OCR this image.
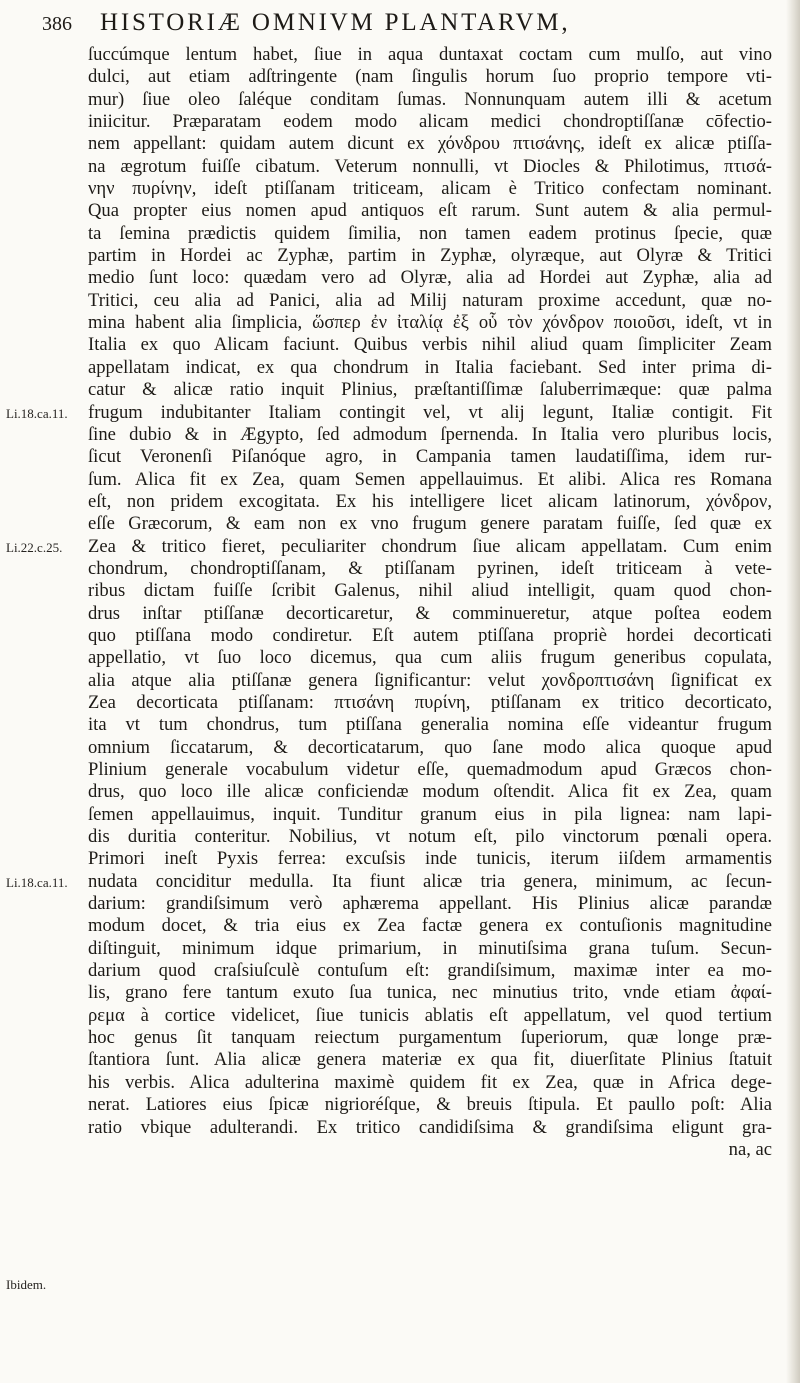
386 HISTORIÆ OMNIVM PLANTARVM,
Li.18.ca.11.
Li.22.c.25.
Li.18.ca.11.
Ibidem.
ſuccúmque lentum habet, ſiue in aqua duntaxat coctam cum mulſo, aut vino
dulci, aut etiam adſtringente (nam ſingulis horum ſuo proprio tempore vti-
mur) ſiue oleo ſaléque conditam ſumas. Nonnunquam autem illi & acetum
iniicitur. Præparatam eodem modo alicam medici chondroptiſſanæ cōfectio-
nem appellant: quidam autem dicunt ex χόνδρου πτισάνης, ideſt ex alicæ ptiſſa-
na ægrotum fuiſſe cibatum. Veterum nonnulli, vt Diocles & Philotimus, πτισά-
νην πυρίνην, ideſt ptiſſanam triticeam, alicam è Tritico confectam nominant.
Qua propter eius nomen apud antiquos eſt rarum. Sunt autem & alia permul-
ta ſemina prædictis quidem ſimilia, non tamen eadem protinus ſpecie, quæ
partim in Hordei ac Zyphæ, partim in Zyphæ, olyræque, aut Olyræ & Tritici
medio ſunt loco: quædam vero ad Olyræ, alia ad Hordei aut Zyphæ, alia ad
Tritici, ceu alia ad Panici, alia ad Milij naturam proxime accedunt, quæ no-
mina habent alia ſimplicia, ὥσπερ ἐν ἰταλίᾳ ἐξ οὗ τὸν χόνδρον ποιοῦσι, ideſt, vt in
Italia ex quo Alicam faciunt. Quibus verbis nihil aliud quam ſimpliciter Zeam
appellatam indicat, ex qua chondrum in Italia faciebant. Sed inter prima di-
catur & alicæ ratio inquit Plinius, præſtantiſſimæ ſaluberrimæque: quæ palma
frugum indubitanter Italiam contingit vel, vt alij legunt, Italiæ contigit. Fit
ſine dubio & in Ægypto, ſed admodum ſpernenda. In Italia vero pluribus locis,
ſicut Veronenſi Piſanóque agro, in Campania tamen laudatiſſima, idem rur-
ſum. Alica fit ex Zea, quam Semen appellauimus. Et alibi. Alica res Romana
eſt, non pridem excogitata. Ex his intelligere licet alicam latinorum, χόνδρον,
eſſe Græcorum, & eam non ex vno frugum genere paratam fuiſſe, ſed quæ ex
Zea & tritico fieret, peculiariter chondrum ſiue alicam appellatam. Cum enim
chondrum, chondroptiſſanam, & ptiſſanam pyrinen, ideſt triticeam à vete-
ribus dictam fuiſſe ſcribit Galenus, nihil aliud intelligit, quam quod chon-
drus inſtar ptiſſanæ decorticaretur, & comminueretur, atque poſtea eodem
quo ptiſſana modo condiretur. Eſt autem ptiſſana propriè hordei decorticati
appellatio, vt ſuo loco dicemus, qua cum aliis frugum generibus copulata,
alia atque alia ptiſſanæ genera ſignificantur: velut χονδροπτισάνη ſignificat ex
Zea decorticata ptiſſanam: πτισάνη πυρίνη, ptiſſanam ex tritico decorticato,
ita vt tum chondrus, tum ptiſſana generalia nomina eſſe videantur frugum
omnium ſiccatarum, & decorticatarum, quo ſane modo alica quoque apud
Plinium generale vocabulum videtur eſſe, quemadmodum apud Græcos chon-
drus, quo loco ille alicæ conficiendæ modum oſtendit. Alica fit ex Zea, quam
ſemen appellauimus, inquit. Tunditur granum eius in pila lignea: nam lapi-
dis duritia conteritur. Nobilius, vt notum eſt, pilo vinctorum pœnali opera.
Primori ineſt Pyxis ferrea: excuſsis inde tunicis, iterum iiſdem armamentis
nudata conciditur medulla. Ita fiunt alicæ tria genera, minimum, ac ſecun-
darium: grandiſsimum verò aphæremа appellant. His Plinius alicæ parandæ
modum docet, & tria eius ex Zea factæ genera ex contuſionis magnitudine
diſtinguit, minimum idque primarium, in minutiſsima grana tuſum. Secun-
darium quod craſsiuſculè contuſum eſt: grandiſsimum, maximæ inter ea mo-
lis, grano fere tantum exuto ſua tunica, nec minutius trito, vnde etiam ἀφαί-
ρεμα à cortice videlicet, ſiue tunicis ablatis eſt appellatum, vel quod tertium
hoc genus ſit tanquam reiectum purgamentum ſuperiorum, quæ longe præ-
ſtantiora ſunt. Alia alicæ genera materiæ ex qua fit, diuerſitate Plinius ſtatuit
his verbis. Alica adulterina maximè quidem fit ex Zea, quæ in Africa dege-
nerat. Latiores eius ſpicæ nigrioréſque, & breuis ſtipula. Et paullo poſt: Alia
ratio vbique adulterandi. Ex tritico candidiſsima & grandiſsima eligunt gra-
na, ac
